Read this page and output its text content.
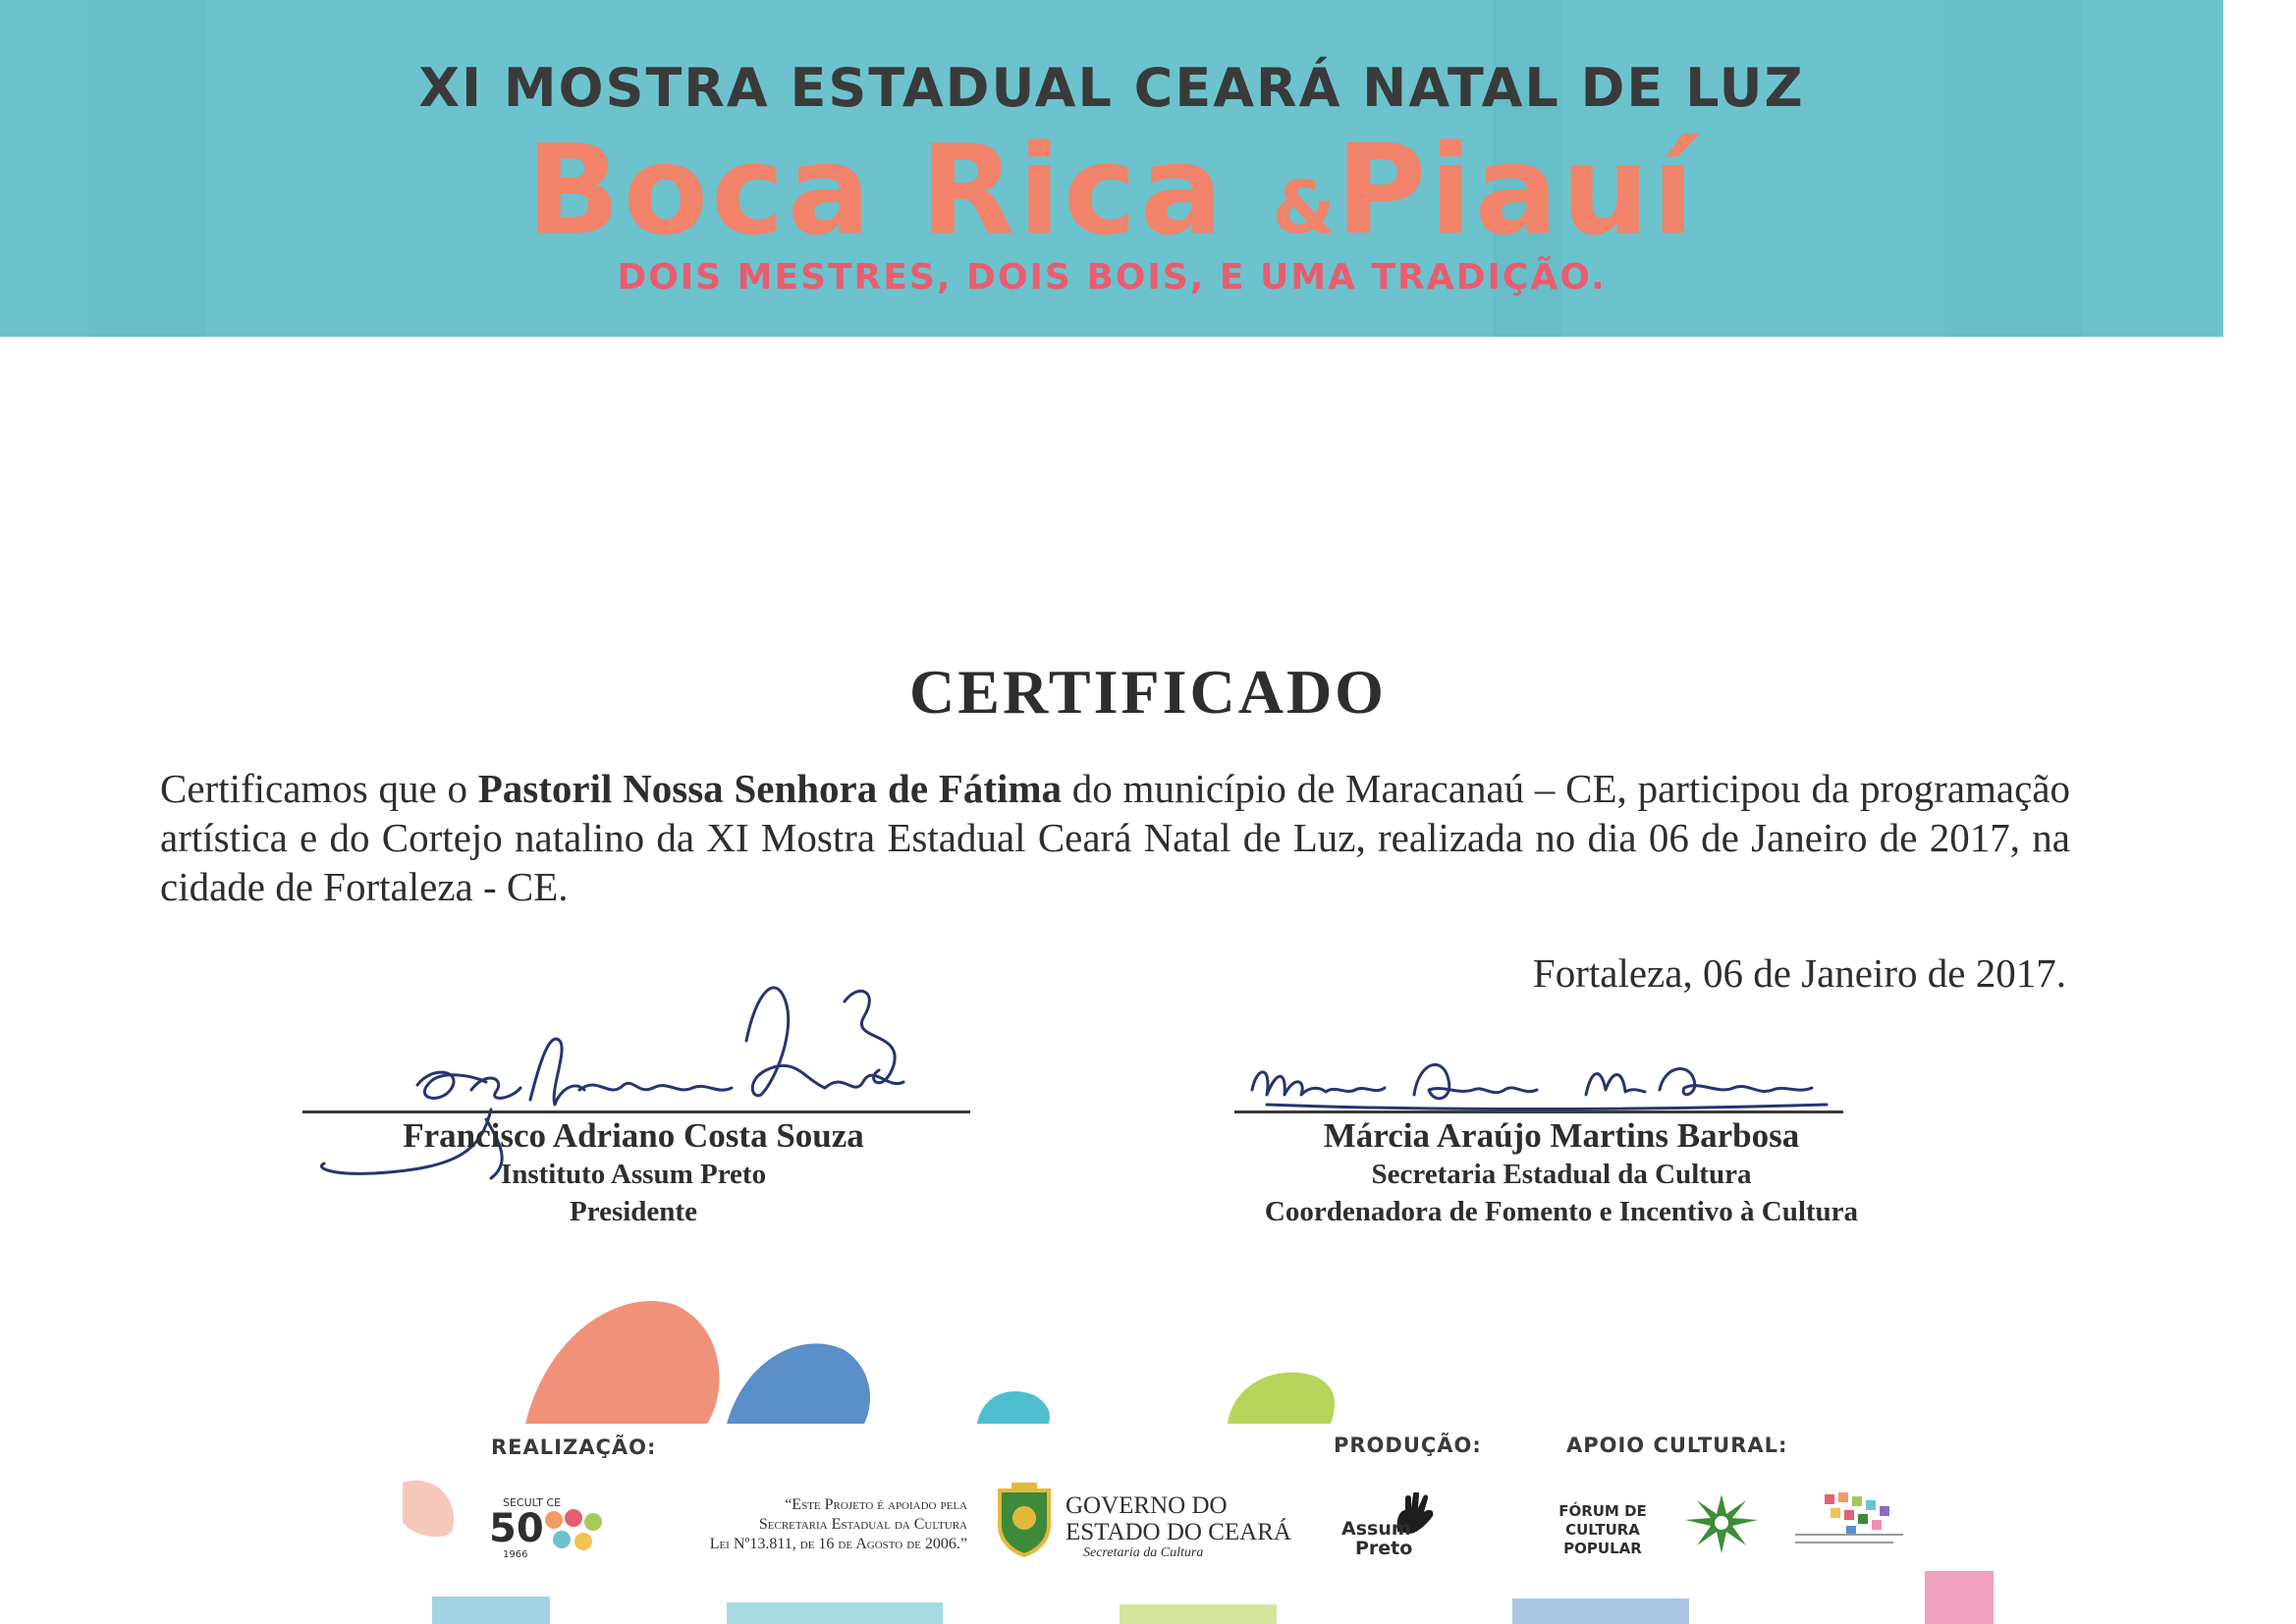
XI MOSTRA ESTADUAL CEARÁ NATAL DE LUZ
Boca Rica &Piauí
DOIS MESTRES, DOIS BOIS, E UMA TRADIÇÃO.
CERTIFICADO
Certificamos que o Pastoril Nossa Senhora de Fátima do município de Maracanaú – CE, participou da programação artística e do Cortejo natalino da XI Mostra Estadual Ceará Natal de Luz, realizada no dia 06 de Janeiro de 2017, na cidade de Fortaleza - CE.
Fortaleza, 06 de Janeiro de 2017.
Francisco Adriano Costa Souza
Instituto Assum Preto
Presidente
Márcia Araújo Martins Barbosa
Secretaria Estadual da Cultura
Coordenadora de Fomento e Incentivo à Cultura
REALIZAÇÃO:	PRODUÇÃO:	APOIO CULTURAL:
SECULT CE
50
1966
“Este Projeto é apoiado pela
Secretaria Estadual da Cultura
Lei Nº13.811, de 16 de Agosto de 2006.”
GOVERNO DO
ESTADO DO CEARÁ
Secretaria da Cultura
Assum
Preto
FÓRUM DE
CULTURA
POPULAR
